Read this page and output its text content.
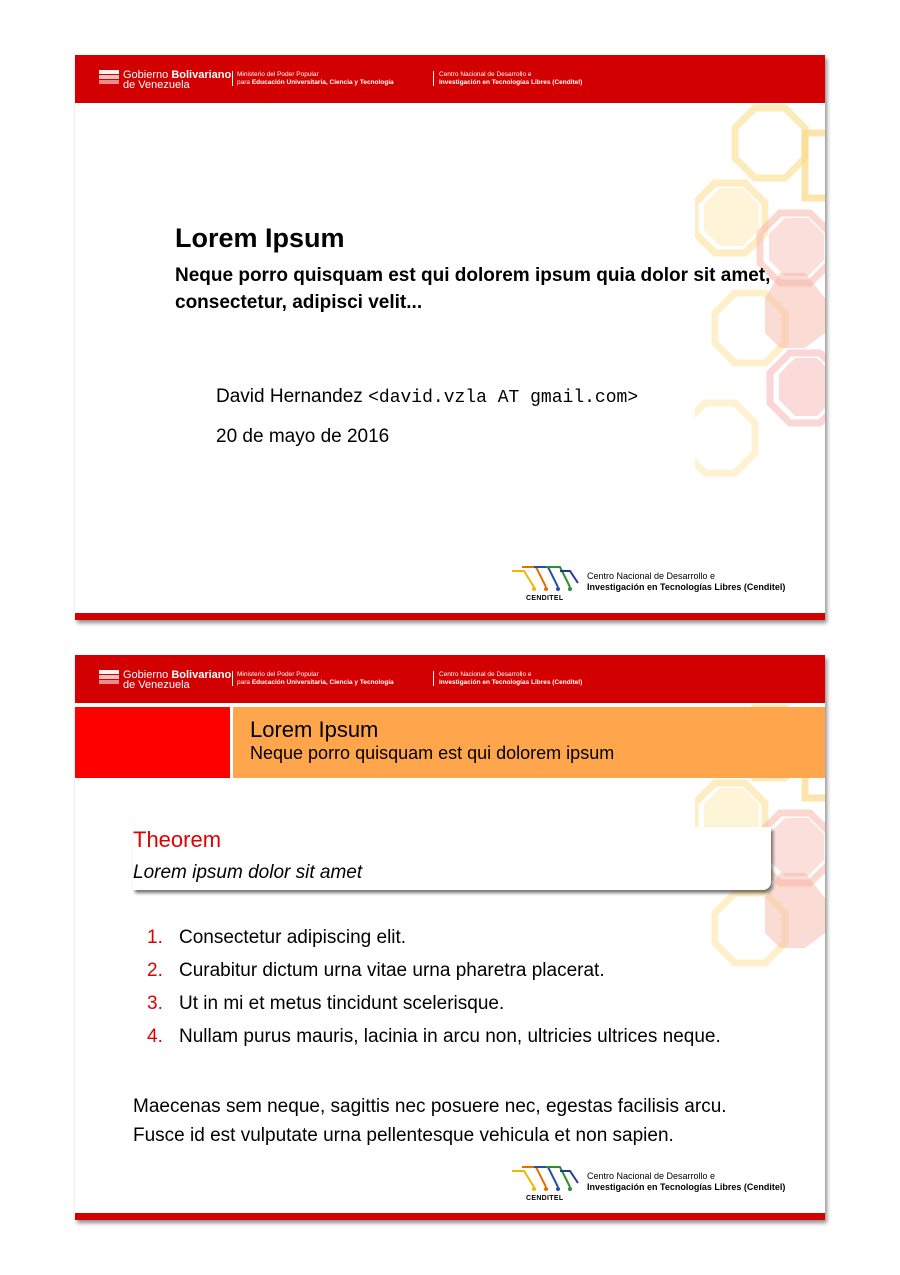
Gobierno Bolivariano
de Venezuela
Ministerio del Poder Popular
para Educación Universitaria, Ciencia y Tecnología
Centro Nacional de Desarrollo e
Investigación en Tecnologías Libres (Cenditel)
Lorem Ipsum
Neque porro quisquam est qui dolorem ipsum quia dolor sit amet, consectetur, adipisci velit...
David Hernandez <david.vzla AT gmail.com>
20 de mayo de 2016
CENDITEL
Centro Nacional de Desarrollo e
Investigación en Tecnologías Libres (Cenditel)
Gobierno Bolivariano
de Venezuela
Ministerio del Poder Popular
para Educación Universitaria, Ciencia y Tecnología
Centro Nacional de Desarrollo e
Investigación en Tecnologías Libres (Cenditel)
Lorem Ipsum
Neque porro quisquam est qui dolorem ipsum
Theorem
Lorem ipsum dolor sit amet
1. Consectetur adipiscing elit.
2. Curabitur dictum urna vitae urna pharetra placerat.
3. Ut in mi et metus tincidunt scelerisque.
4. Nullam purus mauris, lacinia in arcu non, ultricies ultrices neque.
Maecenas sem neque, sagittis nec posuere nec, egestas facilisis arcu. Fusce id est vulputate urna pellentesque vehicula et non sapien.
CENDITEL
Centro Nacional de Desarrollo e
Investigación en Tecnologías Libres (Cenditel)
